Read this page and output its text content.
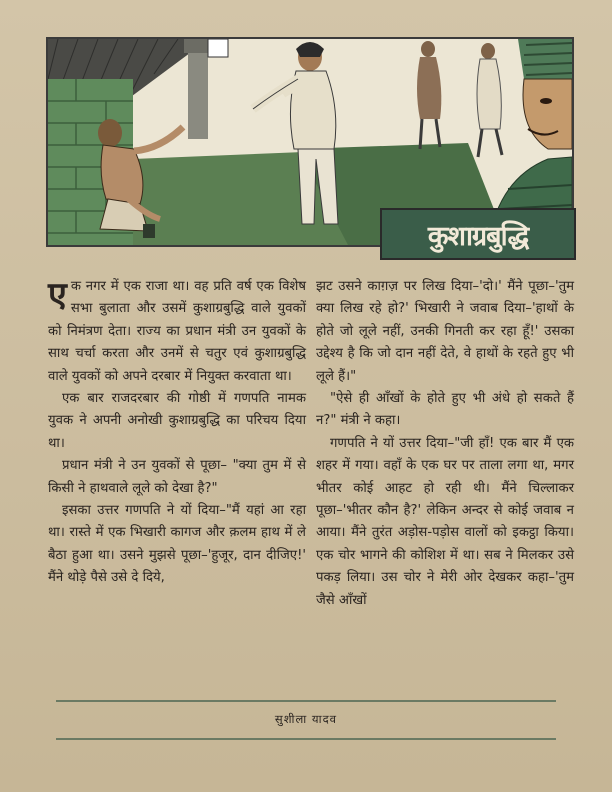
कुशाग्रबुद्धि

एक नगर में एक राजा था। वह प्रति वर्ष एक विशेष सभा बुलाता और उसमें कुशाग्रबुद्धि वाले युवकों को निमंत्रण देता। राज्य का प्रधान मंत्री उन युवकों के साथ चर्चा करता और उनमें से चतुर एवं कुशाग्रबुद्धि वाले युवकों को अपने दरबार में नियुक्त करवाता था।

एक बार राजदरबार की गोष्ठी में गणपति नामक युवक ने अपनी अनोखी कुशाग्रबुद्धि का परिचय दिया था।

प्रधान मंत्री ने उन युवकों से पूछा– "क्या तुम में से किसी ने हाथवाले लूले को देखा है?"

इसका उत्तर गणपति ने यों दिया–"मैं यहां आ रहा था। रास्ते में एक भिखारी कागज और क़लम हाथ में ले बैठा हुआ था। उसने मुझसे पूछा–'हुजूर, दान दीजिए!' मैंने थोड़े पैसे उसे दे दिये,

झट उसने काग़ज़ पर लिख दिया–'दो।' मैंने पूछा–'तुम क्या लिख रहे हो?' भिखारी ने जवाब दिया–'हाथों के होते जो लूले नहीं, उनकी गिनती कर रहा हूँ!' उसका उद्देश्य है कि जो दान नहीं देते, वे हाथों के रहते हुए भी लूले हैं।"

"ऐसे ही आँखों के होते हुए भी अंधे हो सकते हैं न?" मंत्री ने कहा।

गणपति ने यों उत्तर दिया–"जी हाँ! एक बार मैं एक शहर में गया। वहाँ के एक घर पर ताला लगा था, मगर भीतर कोई आहट हो रही थी। मैंने चिल्लाकर पूछा–'भीतर कौन है?' लेकिन अन्दर से कोई जवाब न आया। मैंने तुरंत अड़ोस-पड़ोस वालों को इकट्ठा किया। एक चोर भागने की कोशिश में था। सब ने मिलकर उसे पकड़ लिया। उस चोर ने मेरी ओर देखकर कहा–'तुम जैसे आँखों

सुशीला यादव
